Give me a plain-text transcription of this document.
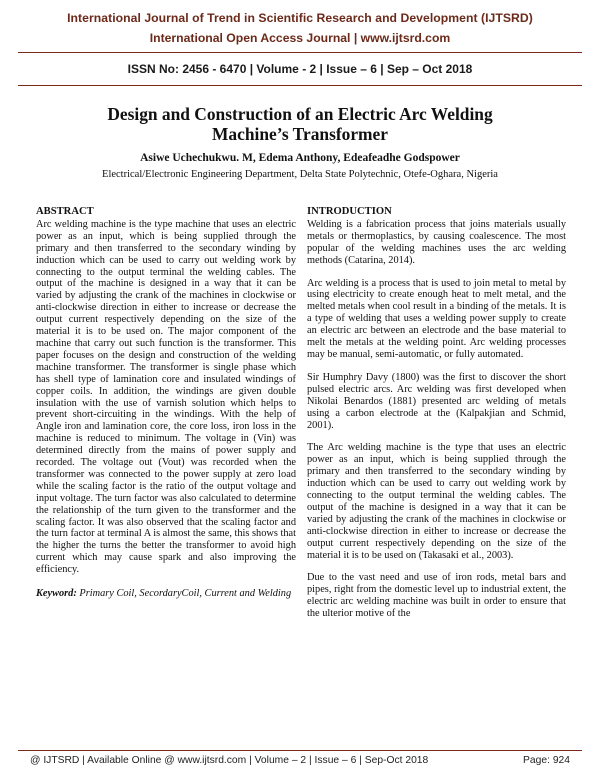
International Journal of Trend in Scientific Research and Development (IJTSRD)
International Open Access Journal | www.ijtsrd.com
ISSN No: 2456 - 6470 | Volume - 2 | Issue – 6 | Sep – Oct 2018
Design and Construction of an Electric Arc Welding
Machine’s Transformer
Asiwe Uchechukwu. M, Edema Anthony, Edeafeadhe Godspower
Electrical/Electronic Engineering Department, Delta State Polytechnic, Otefe-Oghara, Nigeria
ABSTRACT
Arc welding machine is the type machine that uses an electric power as an input, which is being supplied through the primary and then transferred to the secondary winding by induction which can be used to carry out welding work by connecting to the output terminal the welding cables. The output of the machine is designed in a way that it can be varied by adjusting the crank of the machines in clockwise or anti-clockwise direction in either to increase or decrease the output current respectively depending on the size of the material it is to be used on. The major component of the machine that carry out such function is the transformer. This paper focuses on the design and construction of the welding machine transformer. The transformer is single phase which has shell type of lamination core and insulated windings of copper coils. In addition, the windings are given double insulation with the use of varnish solution which helps to prevent short-circuiting in the windings. With the help of Angle iron and lamination core, the core loss, iron loss in the machine is reduced to minimum. The voltage in (Vin) was determined directly from the mains of power supply and recorded. The voltage out (Vout) was recorded when the transformer was connected to the power supply at zero load while the scaling factor is the ratio of the output voltage and input voltage. The turn factor was also calculated to determine the relationship of the turn given to the transformer and the scaling factor. It was also observed that the scaling factor and the turn factor at terminal A is almost the same, this shows that the higher the turns the better the transformer to avoid high current which may cause spark and also improving the efficiency.
Keyword: Primary Coil, SecordaryCoil, Current and Welding
INTRODUCTION
Welding is a fabrication process that joins materials usually metals or thermoplastics, by causing coalescence. The most popular of the welding machines uses the arc welding methods (Catarina, 2014).
Arc welding is a process that is used to join metal to metal by using electricity to create enough heat to melt metal, and the melted metals when cool result in a binding of the metals. It is a type of welding that uses a welding power supply to create an electric arc between an electrode and the base material to melt the metals at the welding point. Arc welding processes may be manual, semi-automatic, or fully automated.
Sir Humphry Davy (1800) was the first to discover the short pulsed electric arcs. Arc welding was first developed when Nikolai Benardos (1881) presented arc welding of metals using a carbon electrode at the (Kalpakjian and Schmid, 2001).
The Arc welding machine is the type that uses an electric power as an input, which is being supplied through the primary and then transferred to the secondary winding by induction which can be used to carry out welding work by connecting to the output terminal the welding cables. The output of the machine is designed in a way that it can be varied by adjusting the crank of the machines in clockwise or anti-clockwise direction in either to increase or decrease the output current respectively depending on the size of the material it is to be used on (Takasaki et al., 2003).
Due to the vast need and use of iron rods, metal bars and pipes, right from the domestic level up to industrial extent, the electric arc welding machine was built in order to ensure that the ulterior motive of the
@ IJTSRD | Available Online @ www.ijtsrd.com | Volume – 2 | Issue – 6 | Sep-Oct 2018	Page: 924
